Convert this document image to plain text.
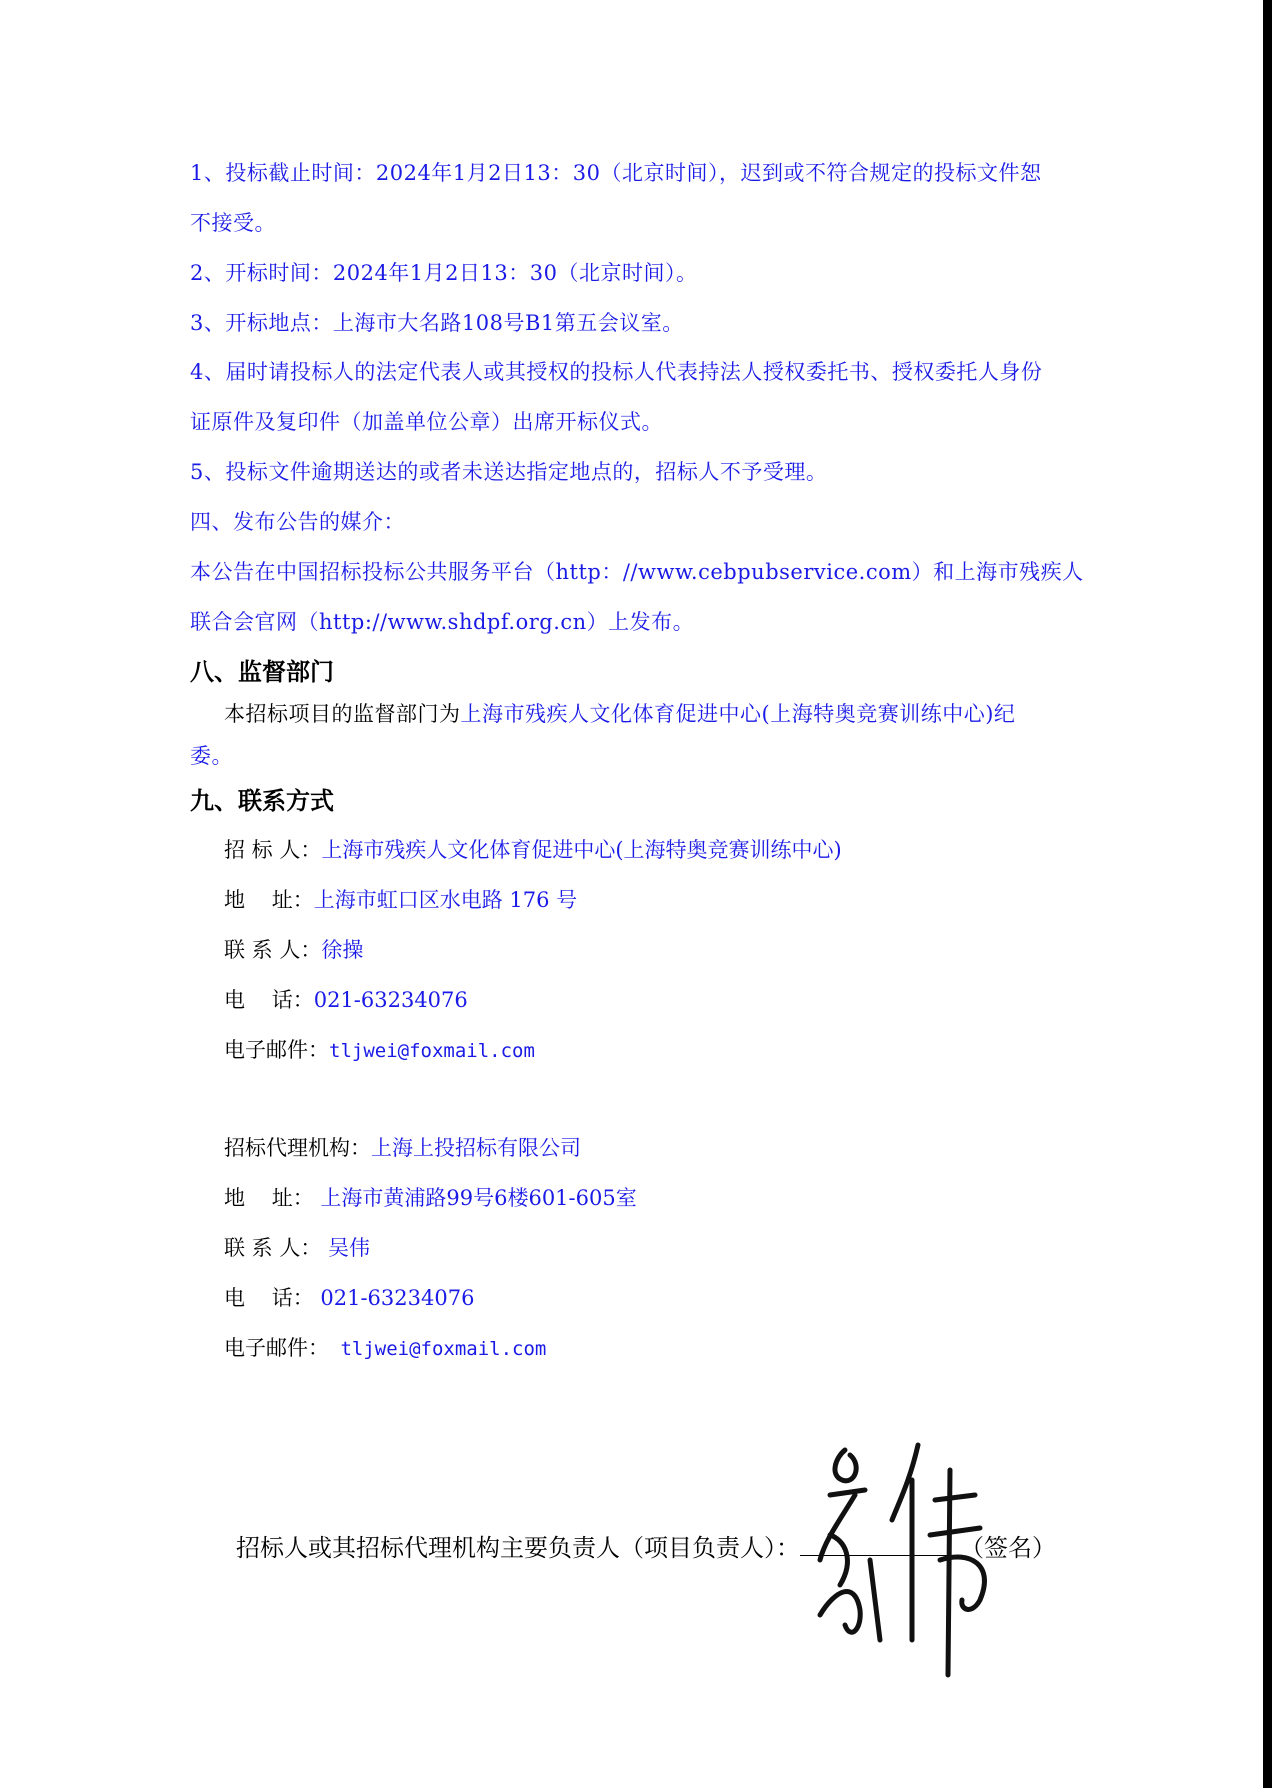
1、投标截止时间：2024年1月2日13：30（北京时间），迟到或不符合规定的投标文件恕
不接受。
2、开标时间：2024年1月2日13：30（北京时间）。
3、开标地点：上海市大名路108号B1第五会议室。
4、届时请投标人的法定代表人或其授权的投标人代表持法人授权委托书、授权委托人身份
证原件及复印件（加盖单位公章）出席开标仪式。
5、投标文件逾期送达的或者未送达指定地点的，招标人不予受理。
四、发布公告的媒介：
本公告在中国招标投标公共服务平台（http：//www.cebpubservice.com）和上海市残疾人
联合会官网（http://www.shdpf.org.cn）上发布。
八、监督部门
本招标项目的监督部门为上海市残疾人文化体育促进中心(上海特奥竞赛训练中心)纪
委。
九、联系方式
招 标 人：上海市残疾人文化体育促进中心(上海特奥竞赛训练中心)
地    址：上海市虹口区水电路 176 号
联 系 人：徐操
电    话：021-63234076
电子邮件：tljwei@foxmail.com
招标代理机构：上海上投招标有限公司
地    址： 上海市黄浦路99号6楼601-605室
联 系 人： 吴伟
电    话： 021-63234076
电子邮件： tljwei@foxmail.com
招标人或其招标代理机构主要负责人（项目负责人）：	（签名）
